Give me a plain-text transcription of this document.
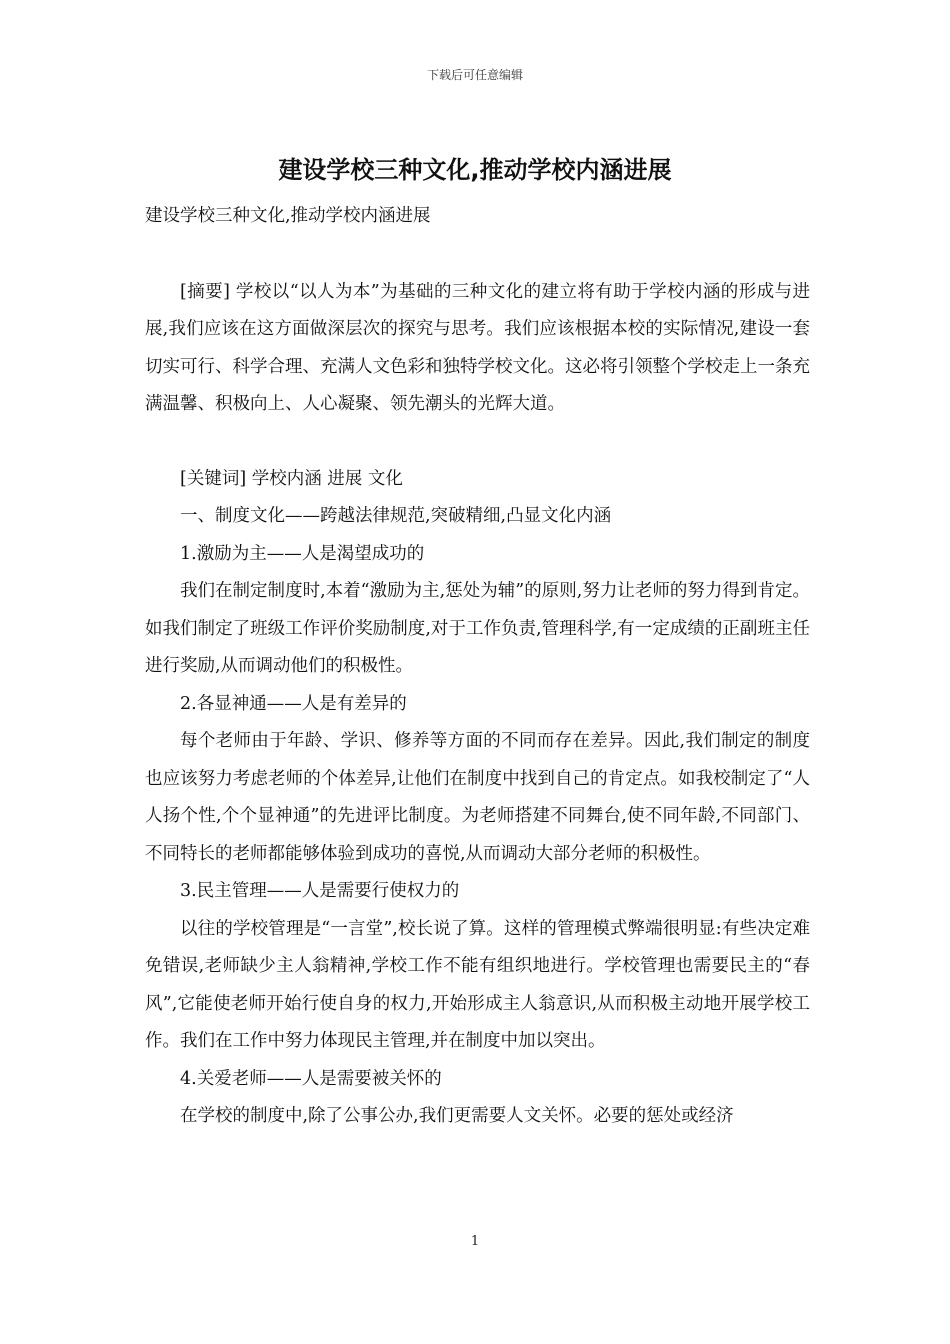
下载后可任意编辑
建设学校三种文化,推动学校内涵进展

建设学校三种文化,推动学校内涵进展

[摘要] 学校以“以人为本”为基础的三种文化的建立将有助于学校内涵的形成与进展,我们应该在这方面做深层次的探究与思考。我们应该根据本校的实际情况,建设一套切实可行、科学合理、充满人文色彩和独特学校文化。这必将引领整个学校走上一条充满温馨、积极向上、人心凝聚、领先潮头的光辉大道。

[关键词] 学校内涵 进展 文化

一、制度文化——跨越法律规范,突破精细,凸显文化内涵

1.激励为主——人是渴望成功的

我们在制定制度时,本着“激励为主,惩处为辅”的原则,努力让老师的努力得到肯定。如我们制定了班级工作评价奖励制度,对于工作负责,管理科学,有一定成绩的正副班主任进行奖励,从而调动他们的积极性。

2.各显神通——人是有差异的

每个老师由于年龄、学识、修养等方面的不同而存在差异。因此,我们制定的制度也应该努力考虑老师的个体差异,让他们在制度中找到自己的肯定点。如我校制定了“人人扬个性,个个显神通”的先进评比制度。为老师搭建不同舞台,使不同年龄,不同部门、不同特长的老师都能够体验到成功的喜悦,从而调动大部分老师的积极性。

3.民主管理——人是需要行使权力的

以往的学校管理是“一言堂”,校长说了算。这样的管理模式弊端很明显:有些决定难免错误,老师缺少主人翁精神,学校工作不能有组织地进行。学校管理也需要民主的“春风”,它能使老师开始行使自身的权力,开始形成主人翁意识,从而积极主动地开展学校工作。我们在工作中努力体现民主管理,并在制度中加以突出。

4.关爱老师——人是需要被关怀的

在学校的制度中,除了公事公办,我们更需要人文关怀。必要的惩处或经济

1
